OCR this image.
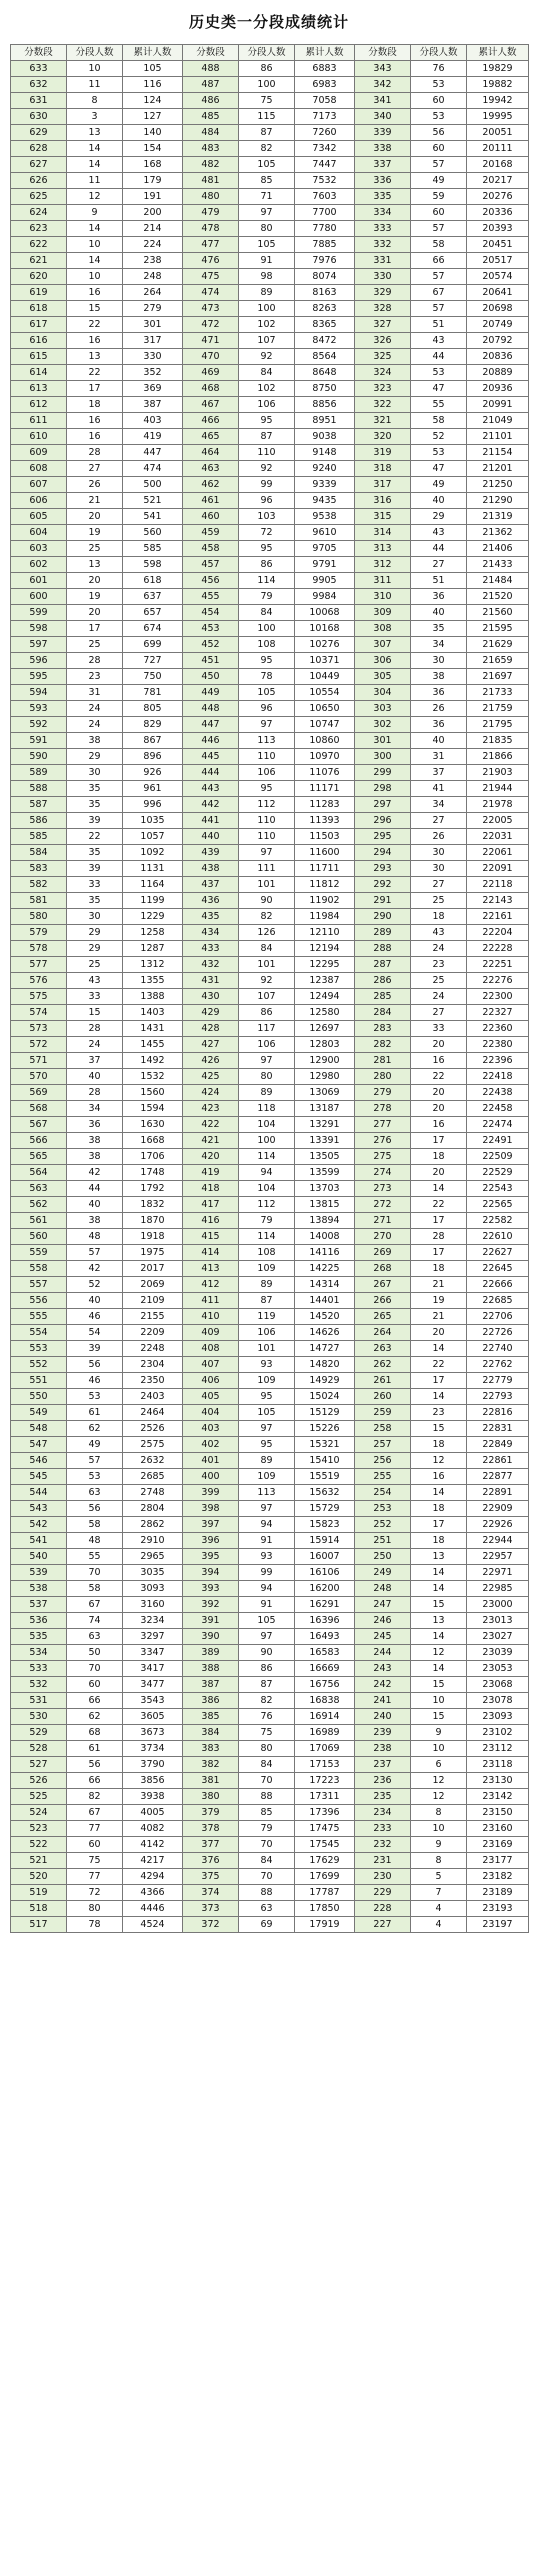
历史类一分段成绩统计
分数段	分段人数	累计人数	分数段	分段人数	累计人数	分数段	分段人数	累计人数
633	10	105	488	86	6883	343	76	19829
632	11	116	487	100	6983	342	53	19882
631	8	124	486	75	7058	341	60	19942
630	3	127	485	115	7173	340	53	19995
629	13	140	484	87	7260	339	56	20051
628	14	154	483	82	7342	338	60	20111
627	14	168	482	105	7447	337	57	20168
626	11	179	481	85	7532	336	49	20217
625	12	191	480	71	7603	335	59	20276
624	9	200	479	97	7700	334	60	20336
623	14	214	478	80	7780	333	57	20393
622	10	224	477	105	7885	332	58	20451
621	14	238	476	91	7976	331	66	20517
620	10	248	475	98	8074	330	57	20574
619	16	264	474	89	8163	329	67	20641
618	15	279	473	100	8263	328	57	20698
617	22	301	472	102	8365	327	51	20749
616	16	317	471	107	8472	326	43	20792
615	13	330	470	92	8564	325	44	20836
614	22	352	469	84	8648	324	53	20889
613	17	369	468	102	8750	323	47	20936
612	18	387	467	106	8856	322	55	20991
611	16	403	466	95	8951	321	58	21049
610	16	419	465	87	9038	320	52	21101
609	28	447	464	110	9148	319	53	21154
608	27	474	463	92	9240	318	47	21201
607	26	500	462	99	9339	317	49	21250
606	21	521	461	96	9435	316	40	21290
605	20	541	460	103	9538	315	29	21319
604	19	560	459	72	9610	314	43	21362
603	25	585	458	95	9705	313	44	21406
602	13	598	457	86	9791	312	27	21433
601	20	618	456	114	9905	311	51	21484
600	19	637	455	79	9984	310	36	21520
599	20	657	454	84	10068	309	40	21560
598	17	674	453	100	10168	308	35	21595
597	25	699	452	108	10276	307	34	21629
596	28	727	451	95	10371	306	30	21659
595	23	750	450	78	10449	305	38	21697
594	31	781	449	105	10554	304	36	21733
593	24	805	448	96	10650	303	26	21759
592	24	829	447	97	10747	302	36	21795
591	38	867	446	113	10860	301	40	21835
590	29	896	445	110	10970	300	31	21866
589	30	926	444	106	11076	299	37	21903
588	35	961	443	95	11171	298	41	21944
587	35	996	442	112	11283	297	34	21978
586	39	1035	441	110	11393	296	27	22005
585	22	1057	440	110	11503	295	26	22031
584	35	1092	439	97	11600	294	30	22061
583	39	1131	438	111	11711	293	30	22091
582	33	1164	437	101	11812	292	27	22118
581	35	1199	436	90	11902	291	25	22143
580	30	1229	435	82	11984	290	18	22161
579	29	1258	434	126	12110	289	43	22204
578	29	1287	433	84	12194	288	24	22228
577	25	1312	432	101	12295	287	23	22251
576	43	1355	431	92	12387	286	25	22276
575	33	1388	430	107	12494	285	24	22300
574	15	1403	429	86	12580	284	27	22327
573	28	1431	428	117	12697	283	33	22360
572	24	1455	427	106	12803	282	20	22380
571	37	1492	426	97	12900	281	16	22396
570	40	1532	425	80	12980	280	22	22418
569	28	1560	424	89	13069	279	20	22438
568	34	1594	423	118	13187	278	20	22458
567	36	1630	422	104	13291	277	16	22474
566	38	1668	421	100	13391	276	17	22491
565	38	1706	420	114	13505	275	18	22509
564	42	1748	419	94	13599	274	20	22529
563	44	1792	418	104	13703	273	14	22543
562	40	1832	417	112	13815	272	22	22565
561	38	1870	416	79	13894	271	17	22582
560	48	1918	415	114	14008	270	28	22610
559	57	1975	414	108	14116	269	17	22627
558	42	2017	413	109	14225	268	18	22645
557	52	2069	412	89	14314	267	21	22666
556	40	2109	411	87	14401	266	19	22685
555	46	2155	410	119	14520	265	21	22706
554	54	2209	409	106	14626	264	20	22726
553	39	2248	408	101	14727	263	14	22740
552	56	2304	407	93	14820	262	22	22762
551	46	2350	406	109	14929	261	17	22779
550	53	2403	405	95	15024	260	14	22793
549	61	2464	404	105	15129	259	23	22816
548	62	2526	403	97	15226	258	15	22831
547	49	2575	402	95	15321	257	18	22849
546	57	2632	401	89	15410	256	12	22861
545	53	2685	400	109	15519	255	16	22877
544	63	2748	399	113	15632	254	14	22891
543	56	2804	398	97	15729	253	18	22909
542	58	2862	397	94	15823	252	17	22926
541	48	2910	396	91	15914	251	18	22944
540	55	2965	395	93	16007	250	13	22957
539	70	3035	394	99	16106	249	14	22971
538	58	3093	393	94	16200	248	14	22985
537	67	3160	392	91	16291	247	15	23000
536	74	3234	391	105	16396	246	13	23013
535	63	3297	390	97	16493	245	14	23027
534	50	3347	389	90	16583	244	12	23039
533	70	3417	388	86	16669	243	14	23053
532	60	3477	387	87	16756	242	15	23068
531	66	3543	386	82	16838	241	10	23078
530	62	3605	385	76	16914	240	15	23093
529	68	3673	384	75	16989	239	9	23102
528	61	3734	383	80	17069	238	10	23112
527	56	3790	382	84	17153	237	6	23118
526	66	3856	381	70	17223	236	12	23130
525	82	3938	380	88	17311	235	12	23142
524	67	4005	379	85	17396	234	8	23150
523	77	4082	378	79	17475	233	10	23160
522	60	4142	377	70	17545	232	9	23169
521	75	4217	376	84	17629	231	8	23177
520	77	4294	375	70	17699	230	5	23182
519	72	4366	374	88	17787	229	7	23189
518	80	4446	373	63	17850	228	4	23193
517	78	4524	372	69	17919	227	4	23197
